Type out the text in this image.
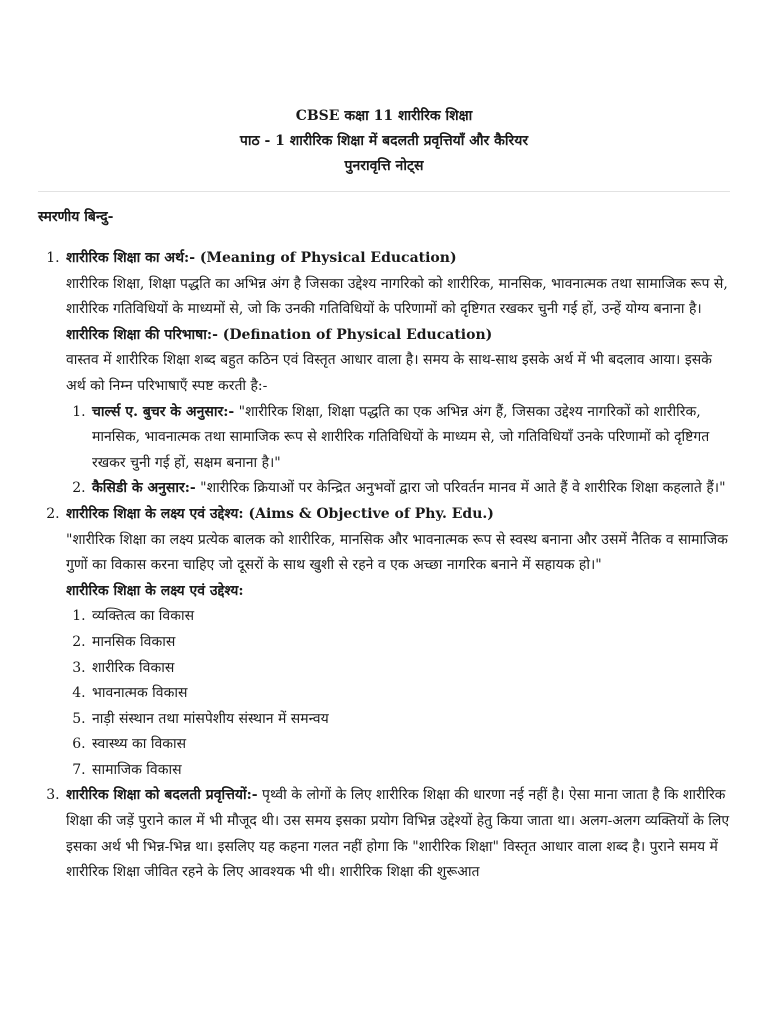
CBSE कक्षा 11 शारीरिक शिक्षा
पाठ - 1 शारीरिक शिक्षा में बदलती प्रवृत्तियाँ और कैरियर
पुनरावृत्ति नोट्स

स्मरणीय बिन्दु-

1. शारीरिक शिक्षा का अर्थ:- (Meaning of Physical Education)

शारीरिक शिक्षा, शिक्षा पद्धति का अभिन्न अंग है जिसका उद्देश्य नागरिको को शारीरिक, मानसिक, भावनात्मक तथा सामाजिक रूप से, शारीरिक गतिविधियों के माध्यमों से, जो कि उनकी गतिविधियों के परिणामों को दृष्टिगत रखकर चुनी गई हों, उन्हें योग्य बनाना है।

शारीरिक शिक्षा की परिभाषा:- (Defination of Physical Education)

वास्तव में शारीरिक शिक्षा शब्द बहुत कठिन एवं विस्तृत आधार वाला है। समय के साथ-साथ इसके अर्थ में भी बदलाव आया। इसके अर्थ को निम्न परिभाषाएँ स्पष्ट करती है:-

1. चार्ल्स ए. बुचर के अनुसार:- "शारीरिक शिक्षा, शिक्षा पद्धति का एक अभिन्न अंग हैं, जिसका उद्देश्य नागरिकों को शारीरिक, मानसिक, भावनात्मक तथा सामाजिक रूप से शारीरिक गतिविधियों के माध्यम से, जो गतिविधियाँ उनके परिणामों को दृष्टिगत रखकर चुनी गई हों, सक्षम बनाना है।"
2. कैसिडी के अनुसार:- "शारीरिक क्रियाओं पर केन्द्रित अनुभवों द्वारा जो परिवर्तन मानव में आते हैं वे शारीरिक शिक्षा कहलाते हैं।"
2. शारीरिक शिक्षा के लक्ष्य एवं उद्देश्य: (Aims & Objective of Phy. Edu.)

"शारीरिक शिक्षा का लक्ष्य प्रत्येक बालक को शारीरिक, मानसिक और भावनात्मक रूप से स्वस्थ बनाना और उसमें नैतिक व सामाजिक गुणों का विकास करना चाहिए जो दूसरों के साथ खुशी से रहने व एक अच्छा नागरिक बनाने में सहायक हो।"

शारीरिक शिक्षा के लक्ष्य एवं उद्देश्य:
1. व्यक्तित्व का विकास
2. मानसिक विकास
3. शारीरिक विकास
4. भावनात्मक विकास
5. नाड़ी संस्थान तथा मांसपेशीय संस्थान में समन्वय
6. स्वास्थ्य का विकास
7. सामाजिक विकास
3. शारीरिक शिक्षा को बदलती प्रवृत्तियों:- पृथ्वी के लोगों के लिए शारीरिक शिक्षा की धारणा नई नहीं है। ऐसा माना जाता है कि शारीरिक शिक्षा की जड़ें पुराने काल में भी मौजूद थी। उस समय इसका प्रयोग विभिन्न उद्देश्यों हेतु किया जाता था। अलग-अलग व्यक्तियों के लिए इसका अर्थ भी भिन्न-भिन्न था। इसलिए यह कहना गलत नहीं होगा कि "शारीरिक शिक्षा" विस्तृत आधार वाला शब्द है। पुराने समय में शारीरिक शिक्षा जीवित रहने के लिए आवश्यक भी थी। शारीरिक शिक्षा की शुरूआत
